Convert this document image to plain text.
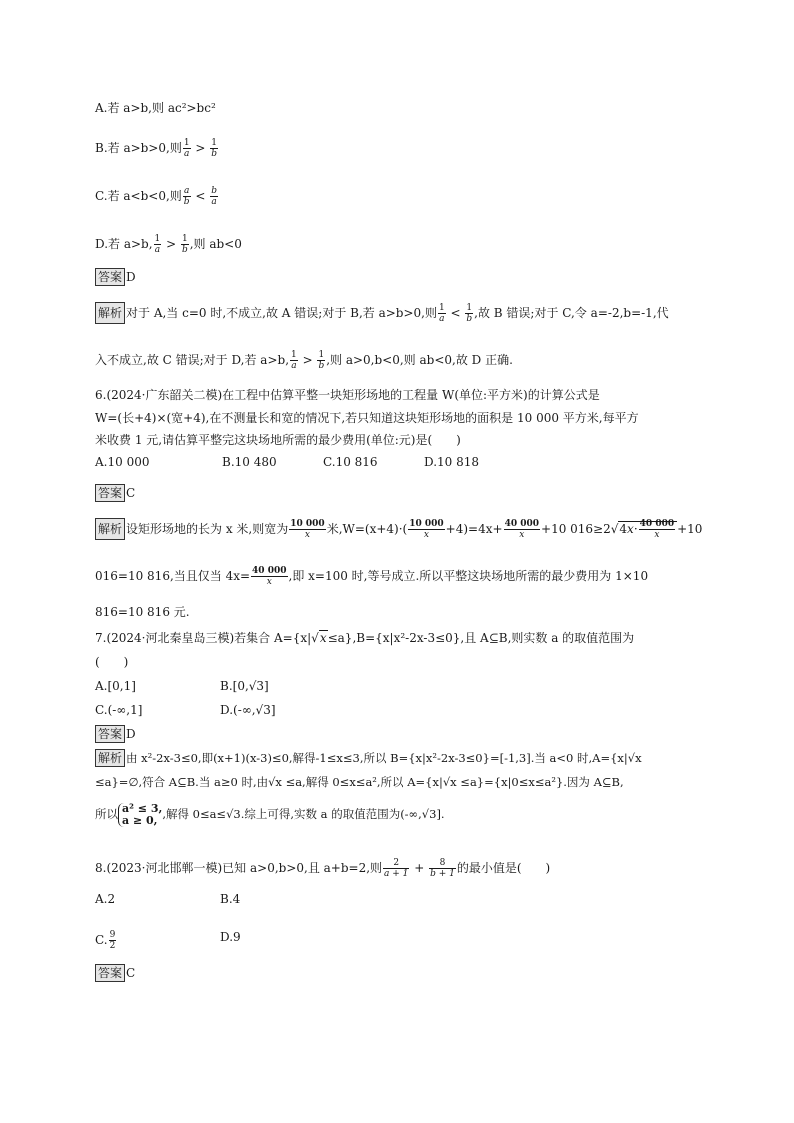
A.若 a>b,则 ac²>bc²
B.若 a>b>0,则 $\frac{1}{a} > \frac{1}{b}$
C.若 a<b<0,则 $\frac{a}{b} < \frac{b}{a}$
D.若 a>b, $\frac{1}{a} > \frac{1}{b}$ ,则 ab<0
答案 D
解析 对于 A,当 c=0 时,不成立,故 A 错误;对于 B,若 a>b>0,则 $\frac{1}{a} < \frac{1}{b}$ ,故 B 错误;对于 C,令 a=-2,b=-1,代
入不成立,故 C 错误;对于 D,若 a>b, $\frac{1}{a} > \frac{1}{b}$ ,则 a>0,b<0,则 ab<0,故 D 正确.
6.(2024·广东韶关二模)在工程中估算平整一块矩形场地的工程量 W(单位:平方米)的计算公式是
W=(长+4)×(宽+4),在不测量长和宽的情况下,若只知道这块矩形场地的面积是 10 000 平方米,每平方
米收费 1 元,请估算平整完这块场地所需的最少费用(单位:元)是(　　)
A.10 000	B.10 480	C.10 816	D.10 818
答案 C
解析 设矩形场地的长为 x 米,则宽为 $\frac{10 000}{x}$ 米$,W=(x+4)\cdot( \frac{10 000}{x} +4)=4x+ \frac{40 000}{x} +10$ $016\ge 2√4x\cdot \frac{40 000}{x} +10$
016=10 816,当且仅当 $4x= \frac{40 000}{x}$ ,即 x=100 时,等号成立.所以平整这块场地所需的最少费用为 1×10
816=10 816 元.
7.(2024·河北秦皇岛三模)若集合 A={x|√x≤a},B={x|x²-2x-3≤0},且 A⊆B,则实数 a 的取值范围为
(　　)
A.[0,1]	B.[0,√3]
C.(-∞,1]	D.(-∞,√3]
答案 D
解析 由 x²-2x-3≤0,即(x+1)(x-3)≤0,解得-1≤x≤3,所以 B={x|x²-2x-3≤0}=[-1,3].当 a<0 时,A={x|√x
≤a}=∅,符合 A⊆B.当 a≥0 时,由√x ≤a,解得 0≤x≤a²,所以 A={x|√x ≤a}={x|0≤x≤a²}.因为 A⊆B,
所以 a² ≤ 3,
a ≥ 0, ,解得 0≤a≤√3.综上可得,实数 a 的取值范围为(-∞,√3].
8.(2023·河北邯郸一模)已知 a>0,b>0,且 a+b=2,则 $\frac{2}{a + 1} + \frac{8}{b + 1}$ 的最小值是(　　)
A.2	B.4
C. $\frac{9}{2}$	D.9
答案 C
